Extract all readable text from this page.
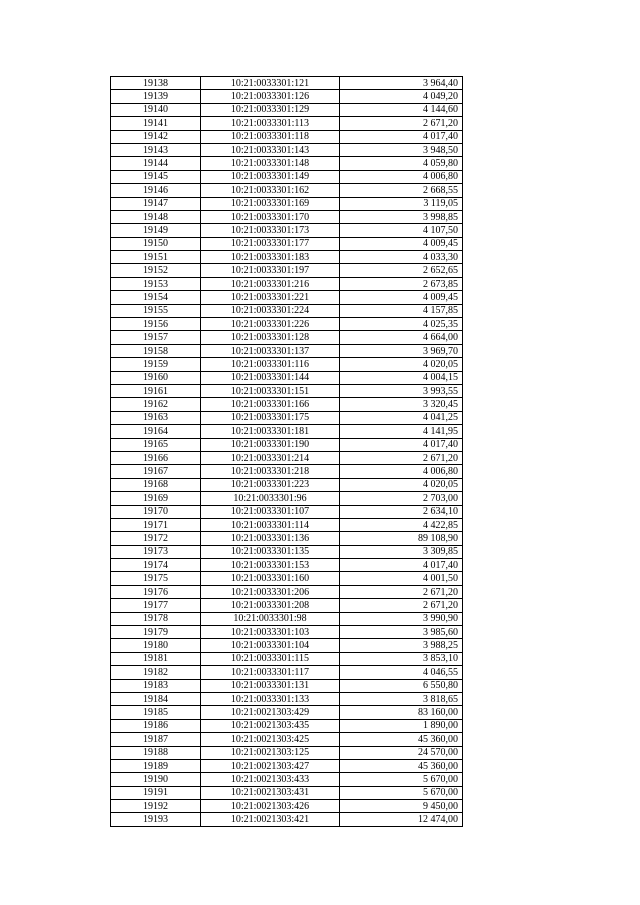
19138	10:21:0033301:121	3 964,40
19139	10:21:0033301:126	4 049,20
19140	10:21:0033301:129	4 144,60
19141	10:21:0033301:113	2 671,20
19142	10:21:0033301:118	4 017,40
19143	10:21:0033301:143	3 948,50
19144	10:21:0033301:148	4 059,80
19145	10:21:0033301:149	4 006,80
19146	10:21:0033301:162	2 668,55
19147	10:21:0033301:169	3 119,05
19148	10:21:0033301:170	3 998,85
19149	10:21:0033301:173	4 107,50
19150	10:21:0033301:177	4 009,45
19151	10:21:0033301:183	4 033,30
19152	10:21:0033301:197	2 652,65
19153	10:21:0033301:216	2 673,85
19154	10:21:0033301:221	4 009,45
19155	10:21:0033301:224	4 157,85
19156	10:21:0033301:226	4 025,35
19157	10:21:0033301:128	4 664,00
19158	10:21:0033301:137	3 969,70
19159	10:21:0033301:116	4 020,05
19160	10:21:0033301:144	4 004,15
19161	10:21:0033301:151	3 993,55
19162	10:21:0033301:166	3 320,45
19163	10:21:0033301:175	4 041,25
19164	10:21:0033301:181	4 141,95
19165	10:21:0033301:190	4 017,40
19166	10:21:0033301:214	2 671,20
19167	10:21:0033301:218	4 006,80
19168	10:21:0033301:223	4 020,05
19169	10:21:0033301:96	2 703,00
19170	10:21:0033301:107	2 634,10
19171	10:21:0033301:114	4 422,85
19172	10:21:0033301:136	89 108,90
19173	10:21:0033301:135	3 309,85
19174	10:21:0033301:153	4 017,40
19175	10:21:0033301:160	4 001,50
19176	10:21:0033301:206	2 671,20
19177	10:21:0033301:208	2 671,20
19178	10:21:0033301:98	3 990,90
19179	10:21:0033301:103	3 985,60
19180	10:21:0033301:104	3 988,25
19181	10:21:0033301:115	3 853,10
19182	10:21:0033301:117	4 046,55
19183	10:21:0033301:131	6 550,80
19184	10:21:0033301:133	3 818,65
19185	10:21:0021303:429	83 160,00
19186	10:21:0021303:435	1 890,00
19187	10:21:0021303:425	45 360,00
19188	10:21:0021303:125	24 570,00
19189	10:21:0021303:427	45 360,00
19190	10:21:0021303:433	5 670,00
19191	10:21:0021303:431	5 670,00
19192	10:21:0021303:426	9 450,00
19193	10:21:0021303:421	12 474,00
